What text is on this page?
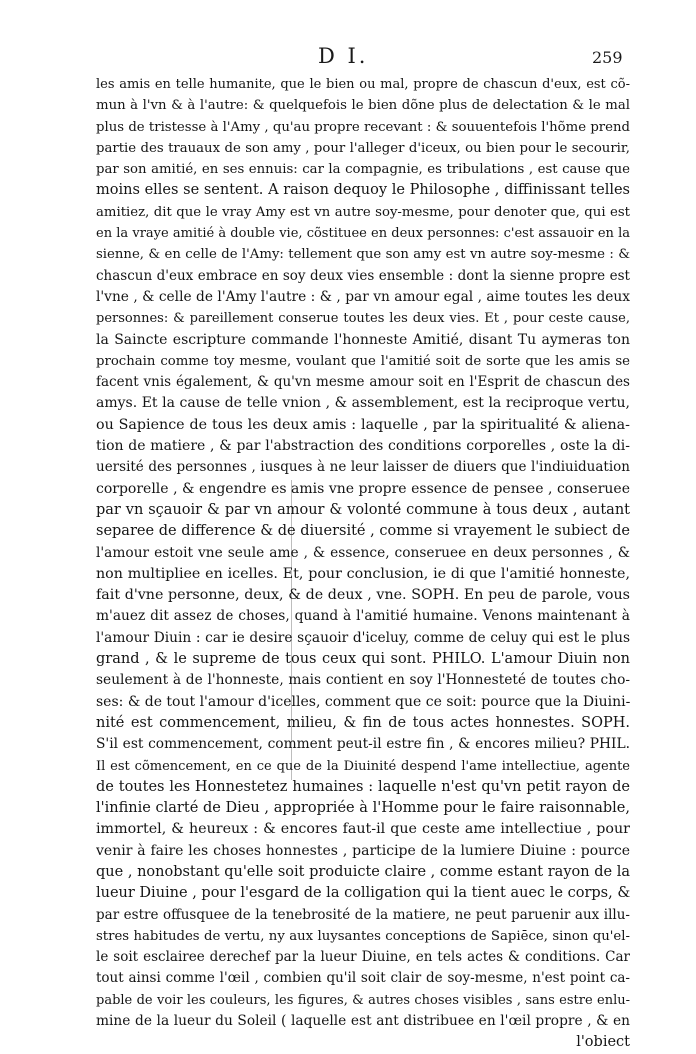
D I.	259
les amis en telle humanite, que le bien ou mal, propre de chascun d'eux, est cõ-
mun à l'vn & à l'autre: & quelquefois le bien dõne plus de delectation & le mal
plus de tristesse à l'Amy , qu'au propre recevant : & souuentefois l'hõme prend
partie des trauaux de son amy , pour l'alleger d'iceux, ou bien pour le secourir,
par son amitié, en ses ennuis: car la compagnie, es tribulations , est cause que
moins elles se sentent. A raison dequoy le Philosophe , diffinissant telles
amitiez, dit que le vray Amy est vn autre soy-mesme, pour denoter que, qui est
en la vraye amitié à double vie, cõstituee en deux personnes: c'est assauoir en la
sienne, & en celle de l'Amy: tellement que son amy est vn autre soy-mesme : &
chascun d'eux embrace en soy deux vies ensemble : dont la sienne propre est
l'vne , & celle de l'Amy l'autre : & , par vn amour egal , aime toutes les deux
personnes: & pareillement conserue toutes les deux vies. Et , pour ceste cause,
la Saincte escripture commande l'honneste Amitié, disant Tu aymeras ton
prochain comme toy mesme, voulant que l'amitié soit de sorte que les amis se
facent vnis également, & qu'vn mesme amour soit en l'Esprit de chascun des
amys. Et la cause de telle vnion , & assemblement, est la reciproque vertu,
ou Sapience de tous les deux amis : laquelle , par la spiritualité & aliena-
tion de matiere , & par l'abstraction des conditions corporelles , oste la di-
uersité des personnes , iusques à ne leur laisser de diuers que l'indiuiduation
corporelle , & engendre es amis vne propre essence de pensee , conseruee
par vn sçauoir & par vn amour & volonté commune à tous deux , autant
separee de difference & de diuersité , comme si vrayement le subiect de
l'amour estoit vne seule ame , & essence, conseruee en deux personnes , &
non multipliee en icelles. Et, pour conclusion, ie di que l'amitié honneste,
fait d'vne personne, deux, & de deux , vne. SOPH. En peu de parole, vous
m'auez dit assez de choses, quand à l'amitié humaine. Venons maintenant à
l'amour Diuin : car ie desire sçauoir d'iceluy, comme de celuy qui est le plus
grand , & le supreme de tous ceux qui sont. PHILO. L'amour Diuin non
seulement à de l'honneste, mais contient en soy l'Honnesteté de toutes cho-
ses: & de tout l'amour d'icelles, comment que ce soit: pource que la Diuini-
nité est commencement, milieu, & fin de tous actes honnestes. SOPH.
S'il est commencement, comment peut-il estre fin , & encores milieu? PHIL.
Il est cõmencement, en ce que de la Diuinité despend l'ame intellectiue, agente
de toutes les Honnestetez humaines : laquelle n'est qu'vn petit rayon de
l'infinie clarté de Dieu , appropriée à l'Homme pour le faire raisonnable,
immortel, & heureux : & encores faut-il que ceste ame intellectiue , pour
venir à faire les choses honnestes , participe de la lumiere Diuine : pource
que , nonobstant qu'elle soit produicte claire , comme estant rayon de la
lueur Diuine , pour l'esgard de la colligation qui la tient auec le corps, &
par estre offusquee de la tenebrosité de la matiere, ne peut paruenir aux illu-
stres habitudes de vertu, ny aux luysantes conceptions de Sapiēce, sinon qu'el-
le soit esclairee derechef par la lueur Diuine, en tels actes & conditions. Car
tout ainsi comme l'œil , combien qu'il soit clair de soy-mesme, n'est point ca-
pable de voir les couleurs, les figures, & autres choses visibles , sans estre enlu-
mine de la lueur du Soleil ( laquelle est ant distribuee en l'œil propre , & en
l'obiect
